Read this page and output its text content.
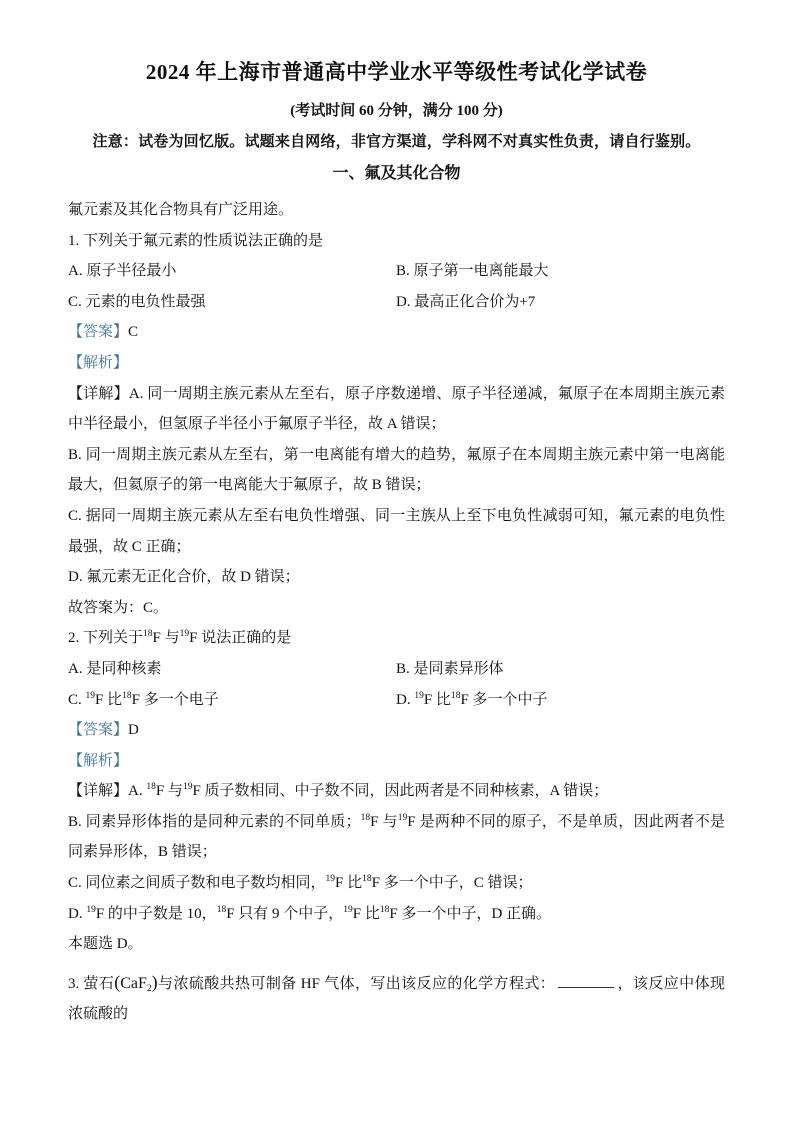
2024 年上海市普通高中学业水平等级性考试化学试卷
(考试时间 60 分钟，满分 100 分)
注意：试卷为回忆版。试题来自网络，非官方渠道，学科网不对真实性负责，请自行鉴别。
一、氟及其化合物

氟元素及其化合物具有广泛用途。

1. 下列关于氟元素的性质说法正确的是

A. 原子半径最小	B. 原子第一电离能最大
C. 元素的电负性最强	D. 最高正化合价为+7

【答案】C

【解析】

【详解】A. 同一周期主族元素从左至右，原子序数递增、原子半径递减，氟原子在本周期主族元素中半径最小，但氢原子半径小于氟原子半径，故 A 错误；

B. 同一周期主族元素从左至右，第一电离能有增大的趋势，氟原子在本周期主族元素中第一电离能最大，但氦原子的第一电离能大于氟原子，故 B 错误；

C. 据同一周期主族元素从左至右电负性增强、同一主族从上至下电负性减弱可知，氟元素的电负性最强，故 C 正确；

D. 氟元素无正化合价，故 D 错误；

故答案为：C。

2. 下列关于$^{18}$F 与$^{19}$F 说法正确的是

A. 是同种核素	B. 是同素异形体
C. $^{19}$F 比$^{18}$F 多一个电子	D. $^{19}$F 比$^{18}$F 多一个中子

【答案】D

【解析】

【详解】A. $^{18}$F 与$^{19}$F 质子数相同、中子数不同，因此两者是不同种核素，A 错误；

B. 同素异形体指的是同种元素的不同单质；$^{18}$F 与$^{19}$F 是两种不同的原子，不是单质，因此两者不是同素异形体，B 错误；

C. 同位素之间质子数和电子数均相同，$^{19}$F 比$^{18}$F 多一个中子，C 错误；

D. $^{19}$F 的中子数是 10，$^{18}$F 只有 9 个中子，$^{19}$F 比$^{18}$F 多一个中子，D 正确。

本题选 D。

3. 萤石(CaF$_2$)与浓硫酸共热可制备 HF 气体，写出该反应的化学方程式：	，该反应中体现浓硫酸的
